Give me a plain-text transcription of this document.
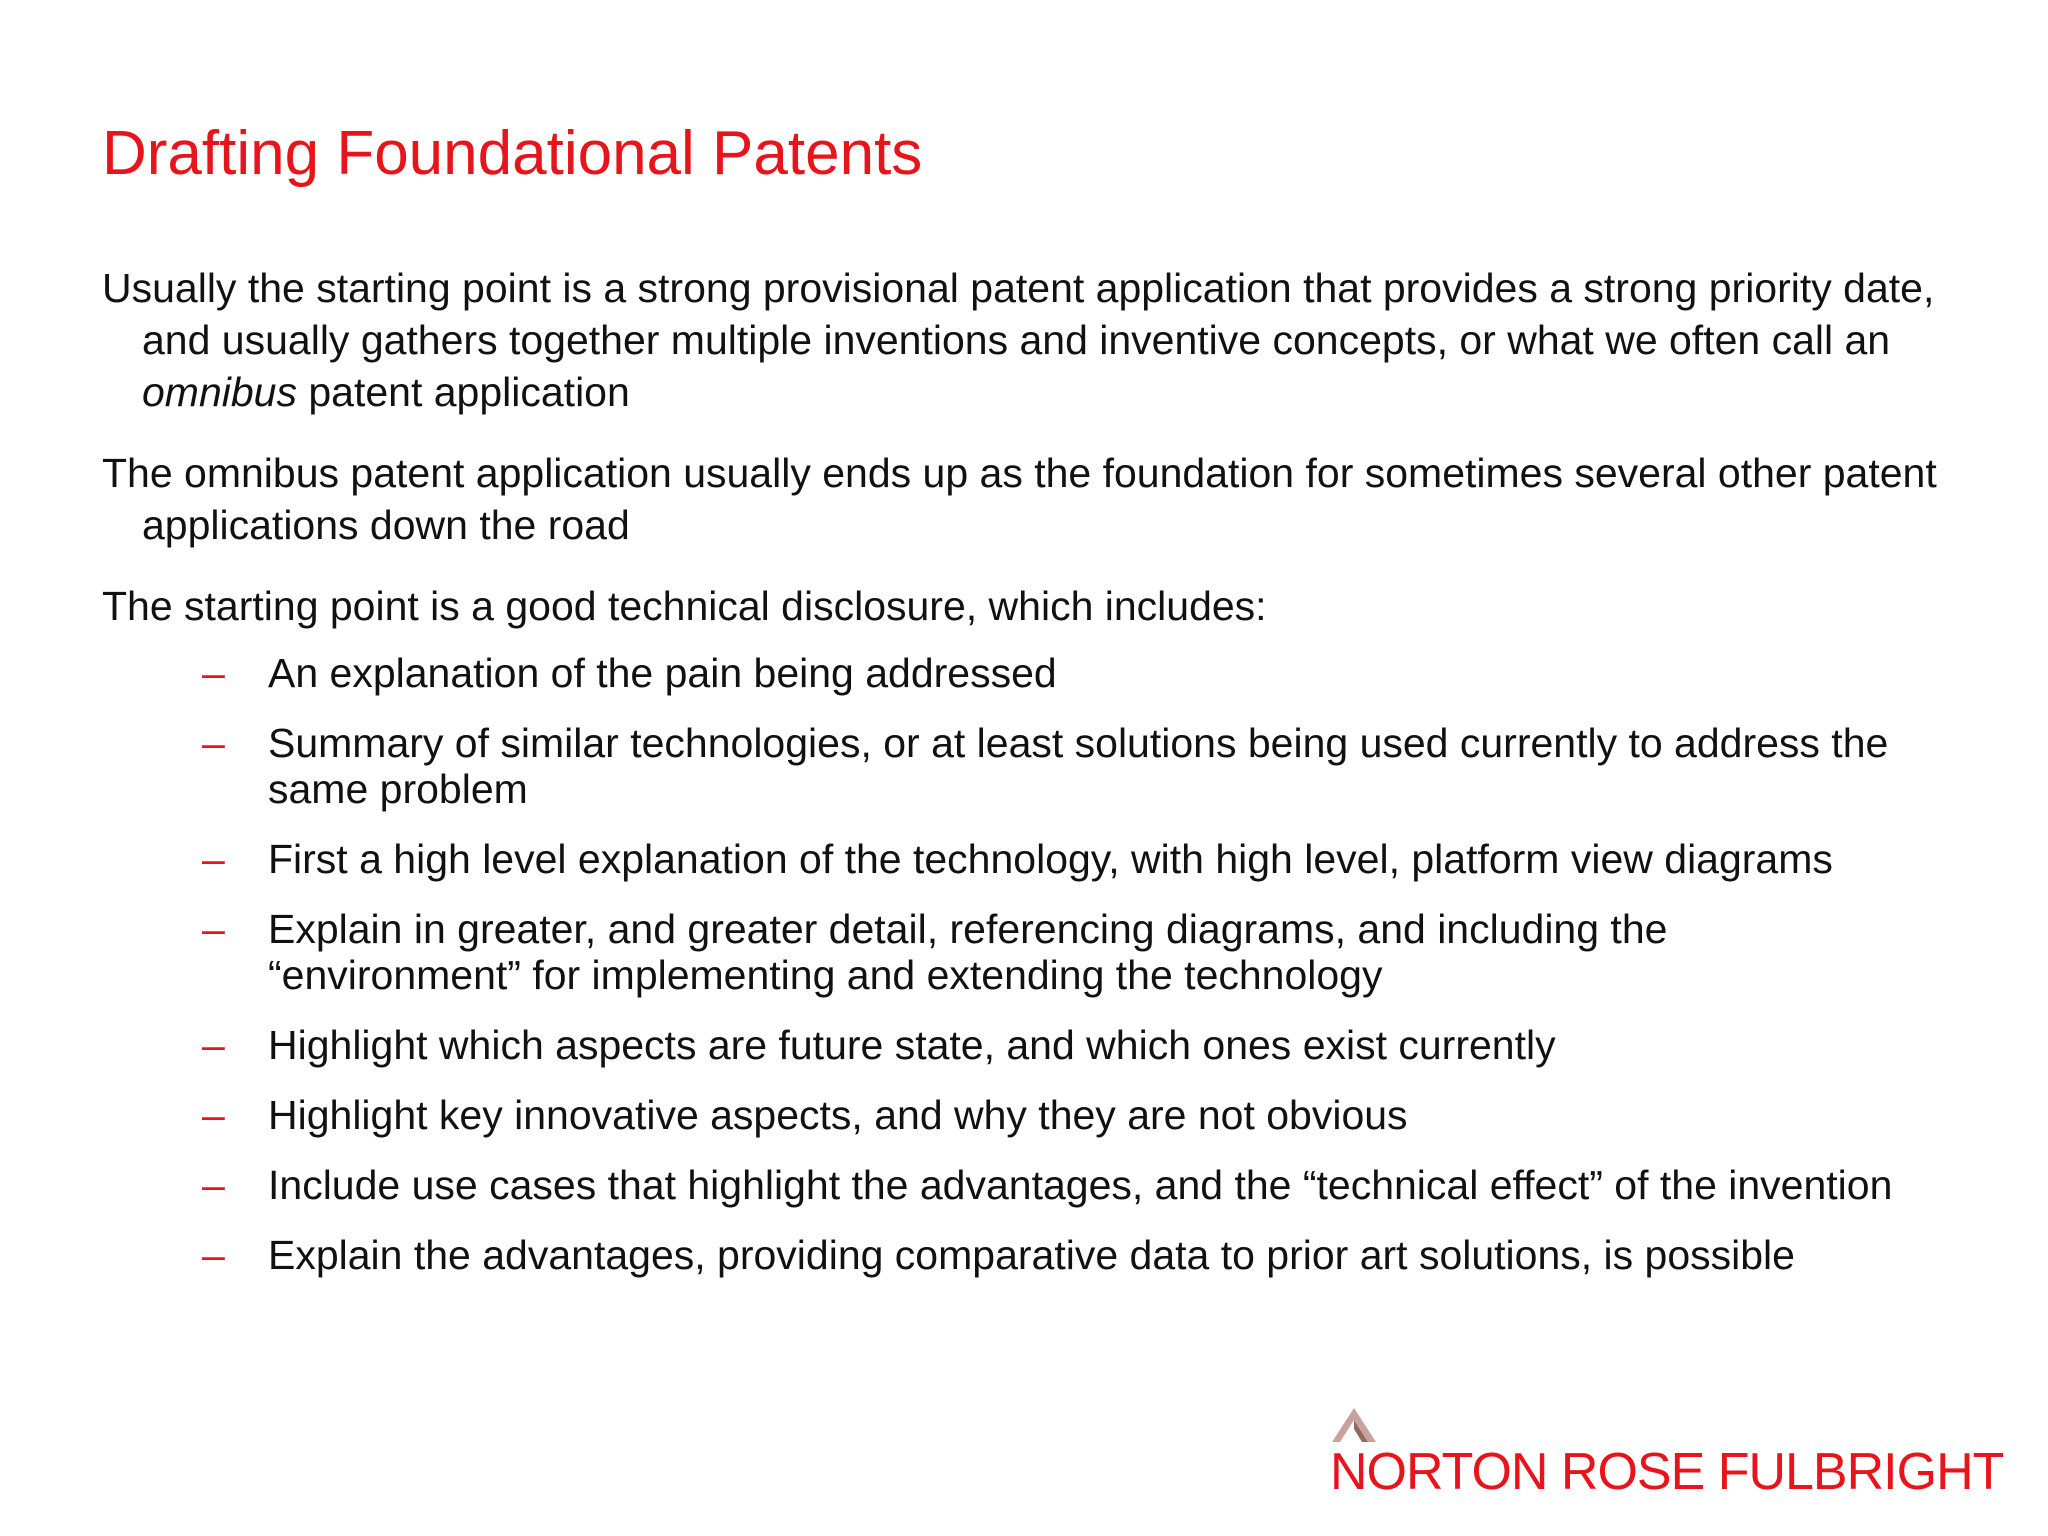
Drafting Foundational Patents

Usually the starting point is a strong provisional patent application that provides a strong priority date, and usually gathers together multiple inventions and inventive concepts, or what we often call an omnibus patent application

The omnibus patent application usually ends up as the foundation for sometimes several other patent applications down the road

The starting point is a good technical disclosure, which includes:

– An explanation of the pain being addressed
– Summary of similar technologies, or at least solutions being used currently to address the same problem
– First a high level explanation of the technology, with high level, platform view diagrams
– Explain in greater, and greater detail, referencing diagrams, and including the “environment” for implementing and extending the technology
– Highlight which aspects are future state, and which ones exist currently
– Highlight key innovative aspects, and why they are not obvious
– Include use cases that highlight the advantages, and the “technical effect” of the invention
– Explain the advantages, providing comparative data to prior art solutions, is possible
NORTON ROSE FULBRIGHT
